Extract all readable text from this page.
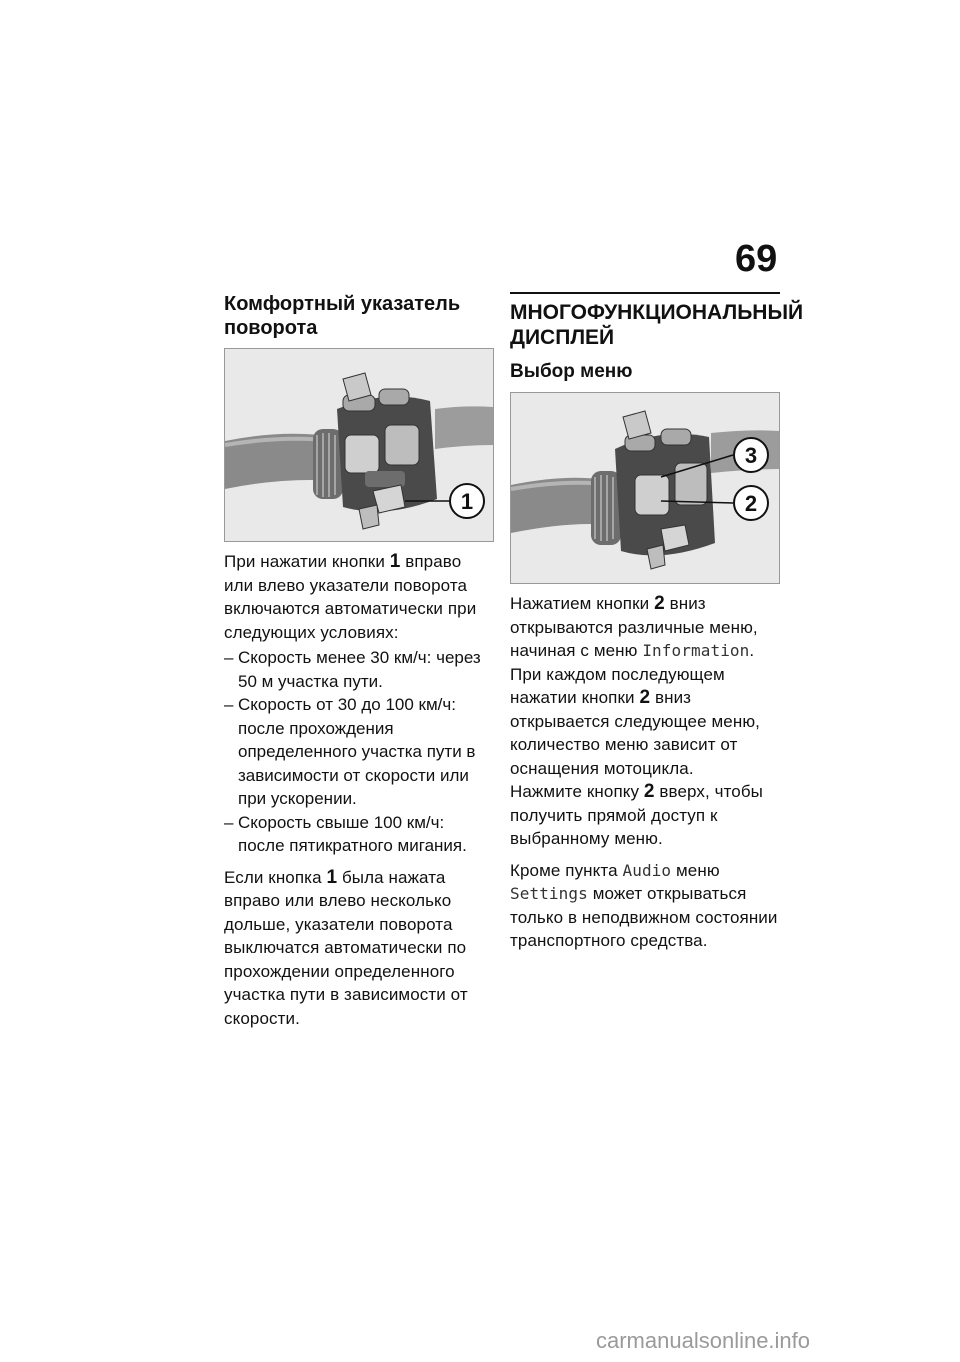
69
Комфортный указатель поворота
1

При нажатии кнопки 1 вправо или влево указатели поворота включаются автоматически при следующих условиях:

– Скорость менее 30 км/ч: через 50 м участка пути.
– Скорость от 30 до 100 км/ч: после прохождения определенного участка пути в зависимости от скорости или при ускорении.
– Скорость свыше 100 км/ч: после пятикратного мигания.

Если кнопка 1 была нажата вправо или влево несколько дольше, указатели поворота выключатся автоматически по прохождении определенного участка пути в зависимости от скорости.

МНОГОФУНКЦИОНАЛЬНЫЙ ДИСПЛЕЙ
Выбор меню
3
2

Нажатием кнопки 2 вниз открываются различные меню, начиная с меню Information. При каждом последующем нажатии кнопки 2 вниз открывается следующее меню, количество меню зависит от оснащения мотоцикла.

Нажмите кнопку 2 вверх, чтобы получить прямой доступ к выбранному меню.

Кроме пункта Audio меню Settings может открываться только в неподвижном состоянии транспортного средства.

carmanualsonline.info
